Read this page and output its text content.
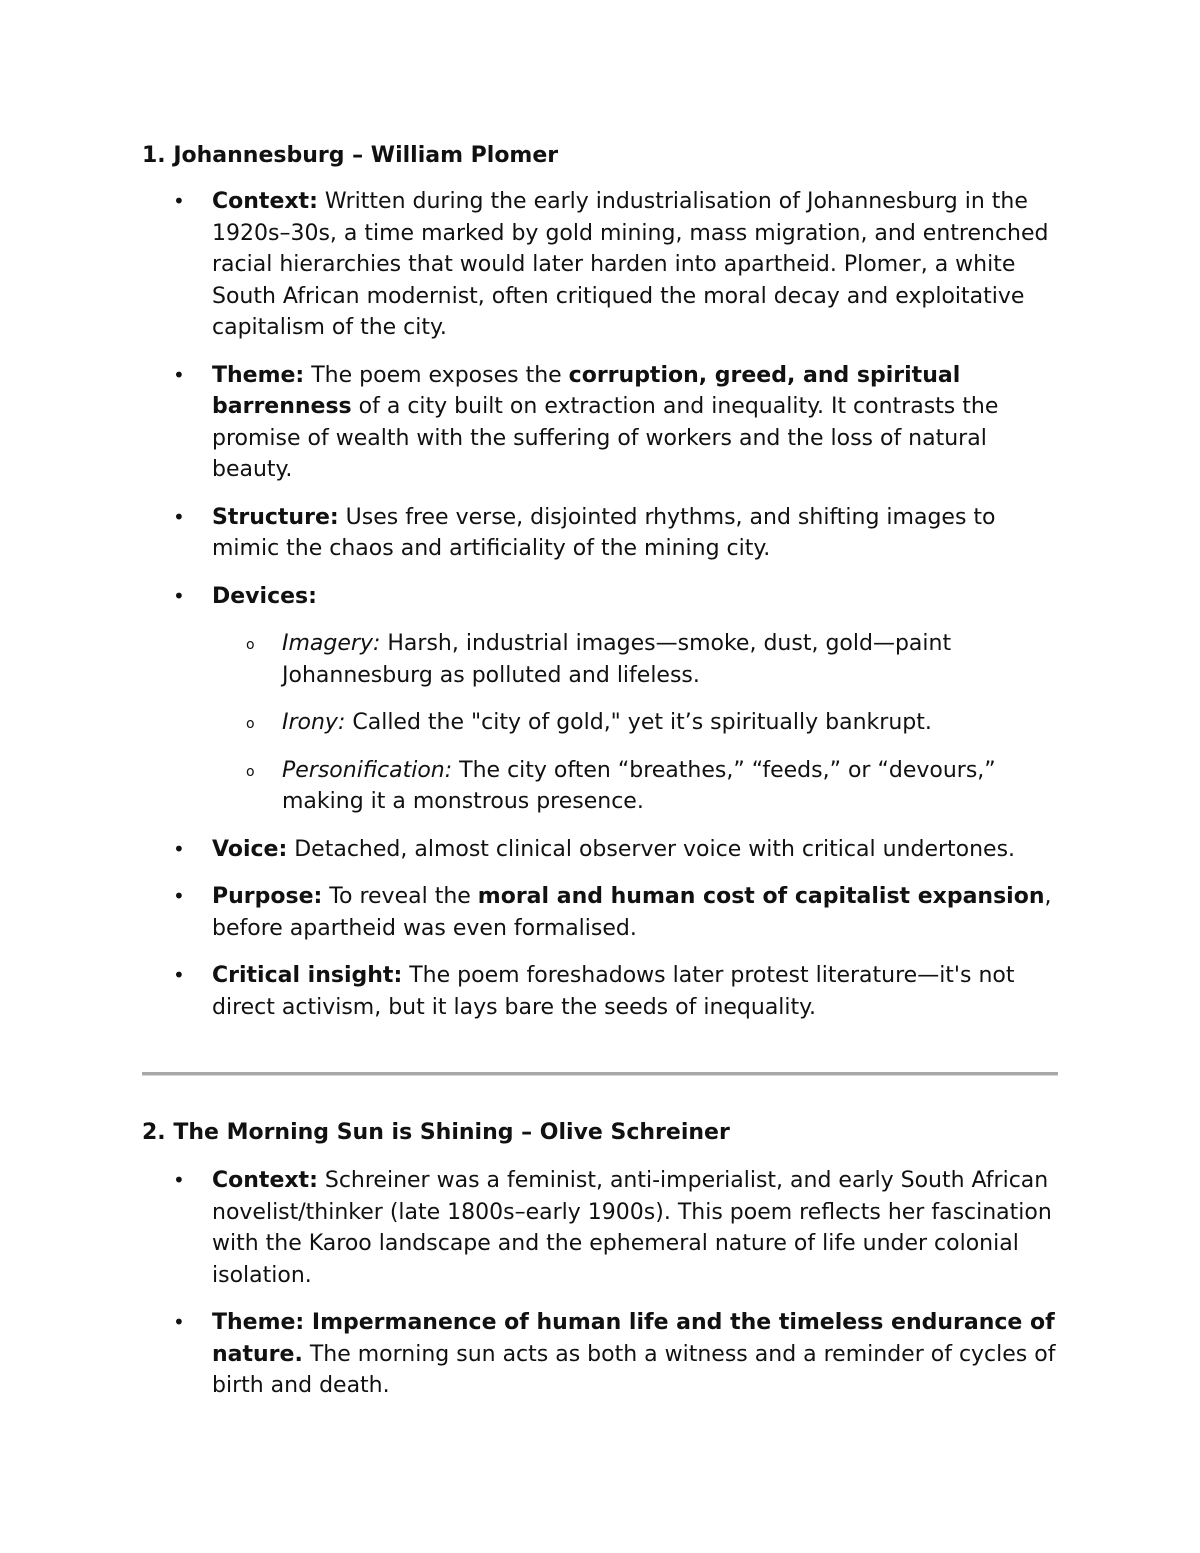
1. Johannesburg – William Plomer
• Context: Written during the early industrialisation of Johannesburg in the 1920s–30s, a time marked by gold mining, mass migration, and entrenched racial hierarchies that would later harden into apartheid. Plomer, a white South African modernist, often critiqued the moral decay and exploitative capitalism of the city.
• Theme: The poem exposes the corruption, greed, and spiritual barrenness of a city built on extraction and inequality. It contrasts the promise of wealth with the suffering of workers and the loss of natural beauty.
• Structure: Uses free verse, disjointed rhythms, and shifting images to mimic the chaos and artificiality of the mining city.
• Devices:
o Imagery: Harsh, industrial images—smoke, dust, gold—paint Johannesburg as polluted and lifeless.
o Irony: Called the "city of gold," yet it’s spiritually bankrupt.
o Personification: The city often “breathes,” “feeds,” or “devours,” making it a monstrous presence.
• Voice: Detached, almost clinical observer voice with critical undertones.
• Purpose: To reveal the moral and human cost of capitalist expansion, before apartheid was even formalised.
• Critical insight: The poem foreshadows later protest literature—it's not direct activism, but it lays bare the seeds of inequality.
2. The Morning Sun is Shining – Olive Schreiner
• Context: Schreiner was a feminist, anti-imperialist, and early South African novelist/thinker (late 1800s–early 1900s). This poem reflects her fascination with the Karoo landscape and the ephemeral nature of life under colonial isolation.
• Theme: Impermanence of human life and the timeless endurance of nature. The morning sun acts as both a witness and a reminder of cycles of birth and death.
